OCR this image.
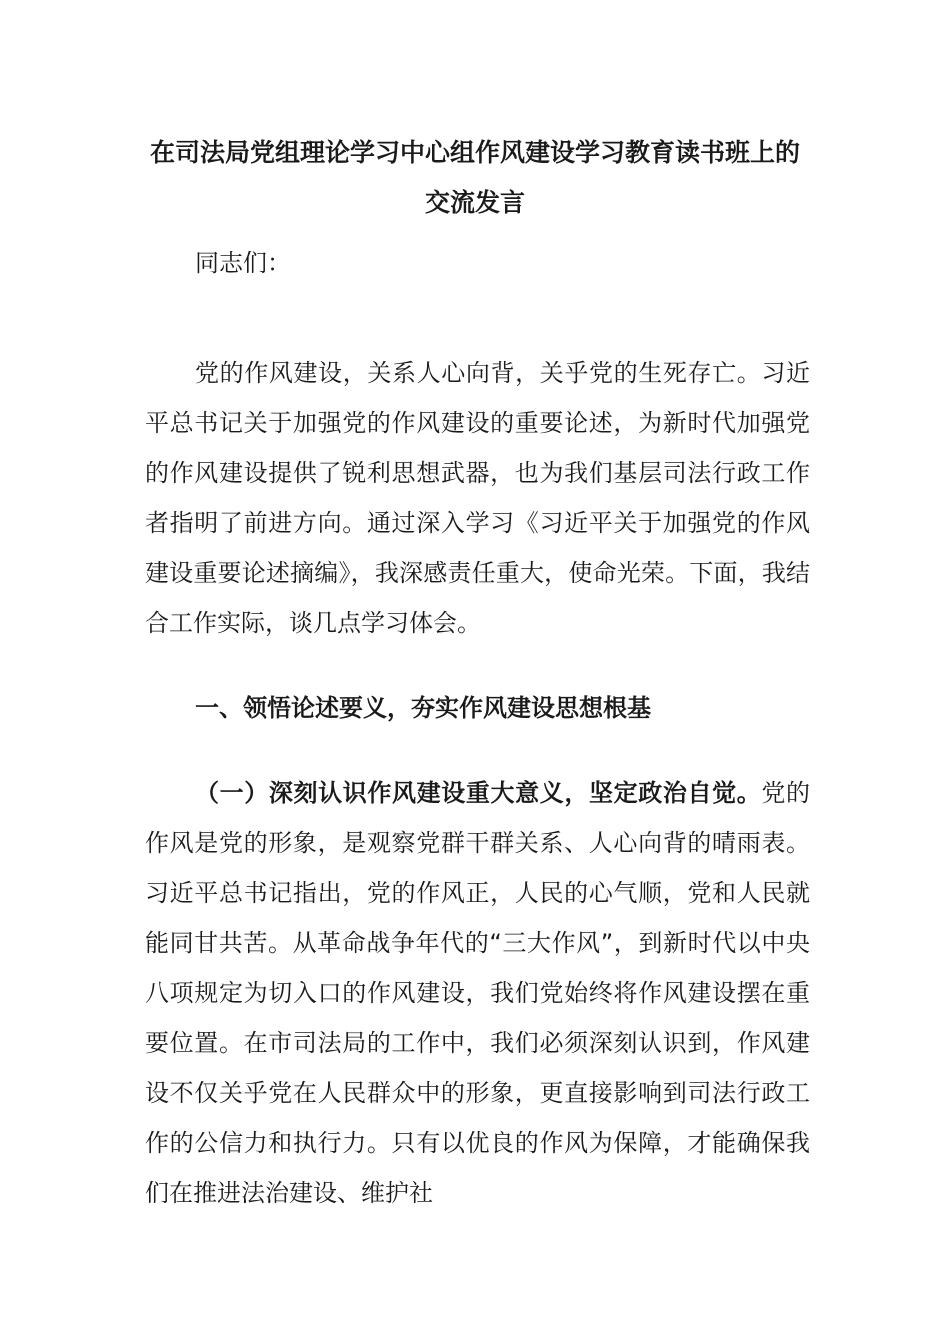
在司法局党组理论学习中心组作风建设学习教育读书班上的交流发言

同志们：

党的作风建设，关系人心向背，关乎党的生死存亡。习近平总书记关于加强党的作风建设的重要论述，为新时代加强党的作风建设提供了锐利思想武器，也为我们基层司法行政工作者指明了前进方向。通过深入学习《习近平关于加强党的作风建设重要论述摘编》，我深感责任重大，使命光荣。下面，我结合工作实际，谈几点学习体会。

一、领悟论述要义，夯实作风建设思想根基

（一）深刻认识作风建设重大意义，坚定政治自觉。党的作风是党的形象，是观察党群干群关系、人心向背的晴雨表。习近平总书记指出，党的作风正，人民的心气顺，党和人民就能同甘共苦。从革命战争年代的“三大作风”，到新时代以中央八项规定为切入口的作风建设，我们党始终将作风建设摆在重要位置。在市司法局的工作中，我们必须深刻认识到，作风建设不仅关乎党在人民群众中的形象，更直接影响到司法行政工作的公信力和执行力。只有以优良的作风为保障，才能确保我们在推进法治建设、维护社
